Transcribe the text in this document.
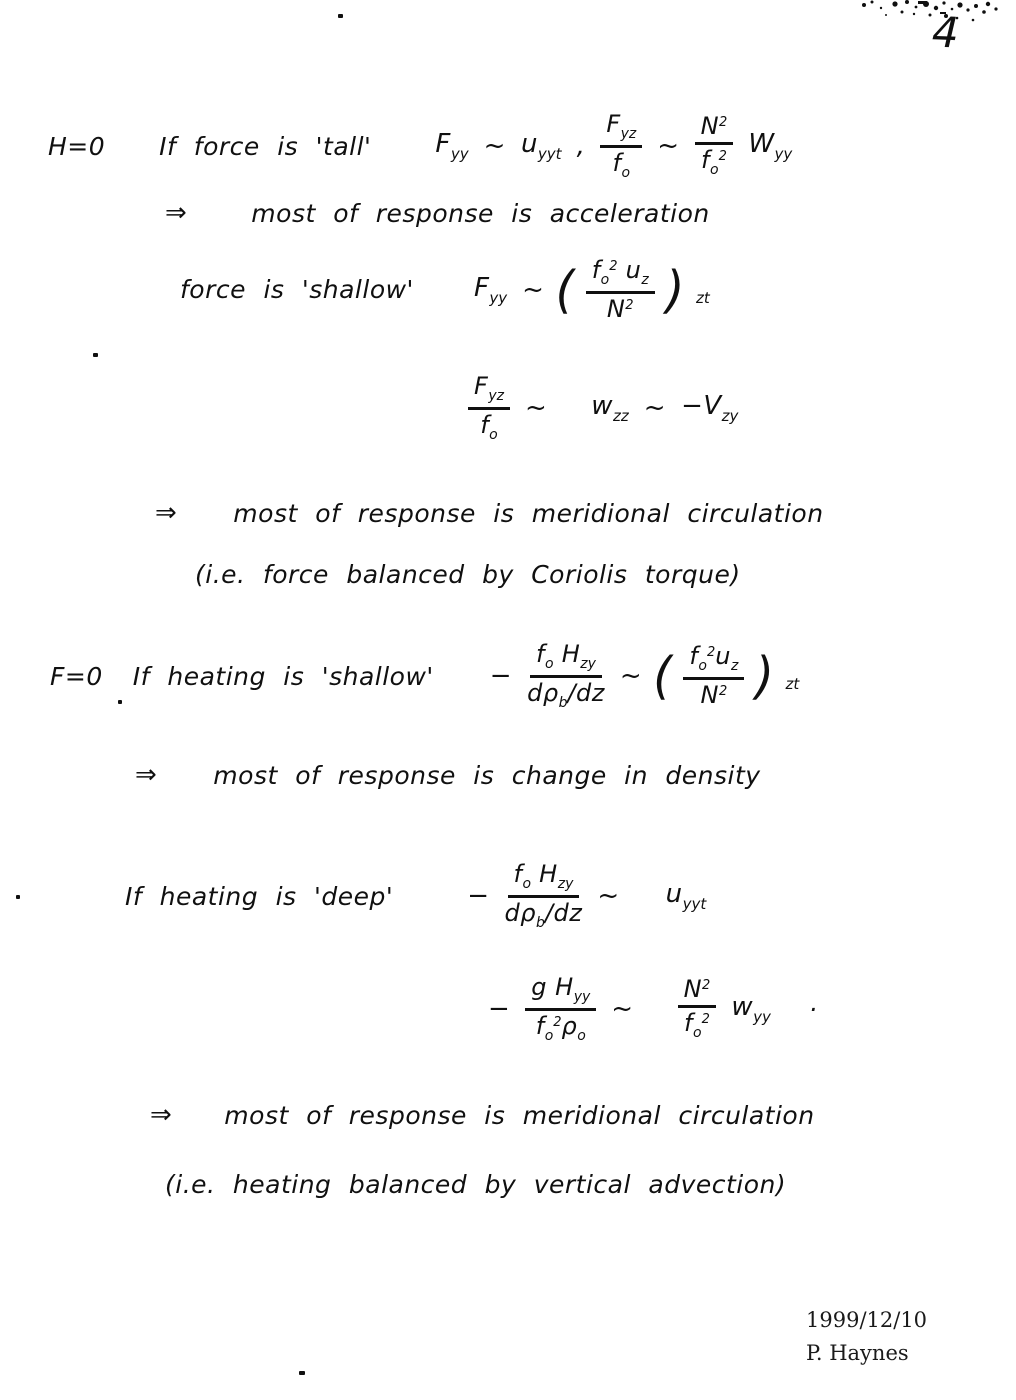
4
H=0 If force is 'tall' $F_{yy}$ ~ $u_{yyt}$ , $\frac{F_{yz}}{f_o}$ ~ $\frac{N^2}{f_o^2} W_{yy}$
⇒	most of response is acceleration
force is 'shallow' $F_{yy}$ ~ ( $\frac{f_o^2 u_z}{N^2}$ ) $_{zt}$
$\frac{F_{yz}}{f_o}$ ~ $w_{zz}$ ~ $-V_{zy}$
⇒ most of response is meridional circulation
(i.e. force balanced by Coriolis torque)
F=0 If heating is 'shallow' − $\frac{f_o H_{zy}}{d\rho_b/dz}$ ~ ( $\frac{f_o^2u_z}{N^2}$ ) $_{zt}$
⇒ most of response is change in density
If heating is 'deep'	− $\frac{f_o H_{zy}}{d\rho_b/dz}$ ~ $u_{yyt}$
− $\frac{g H_{yy}}{f_o^2\rho_o}$ ~ $\frac{N^2}{f_o^2} w_{yy}$ ·
⇒ most of response is meridional circulation
(i.e. heating balanced by vertical advection)
1999/12/10
P. Haynes
